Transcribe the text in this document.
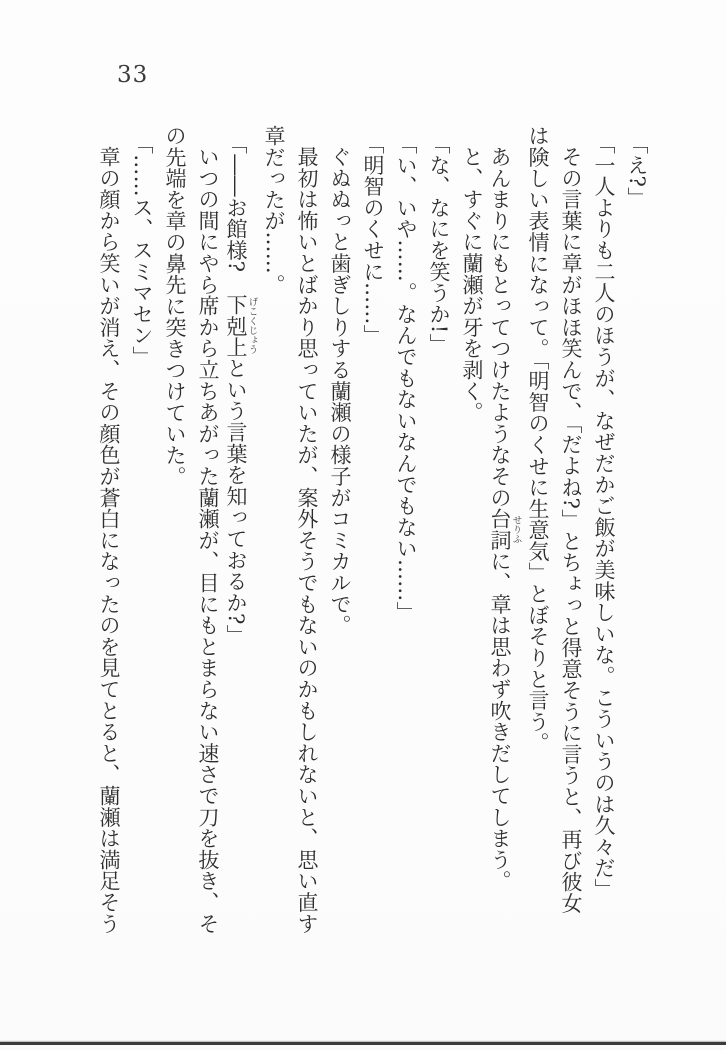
33

「え?」

「一人よりも二人のほうが、なぜだかご飯が美味しいな。こういうのは久々だ」

その言葉に章がほほ笑んで、「だよね?」とちょっと得意そうに言うと、再び彼女

は険しい表情になって。「明智のくせに生意気」とぼそりと言う。

あんまりにもとってつけたようなその台詞せりふに、章は思わず吹きだしてしまう。

と、すぐに蘭瀬が牙を剥く。

「な、なにを笑うか!」

「い、いや……。なんでもないなんでもない……」

「明智のくせに……」

ぐぬぬっと歯ぎしりする蘭瀬の様子がコミカルで。

最初は怖いとばかり思っていたが、案外そうでもないのかもしれないと、思い直す

章だったが……。

「――お館様?　下剋上げこくじょうという言葉を知っておるか?」

いつの間にやら席から立ちあがった蘭瀬が、目にもとまらない速さで刀を抜き、そ

の先端を章の鼻先に突きつけていた。

「……ス、スミマセン」

章の顔から笑いが消え、その顔色が蒼白になったのを見てとると、蘭瀬は満足そう
